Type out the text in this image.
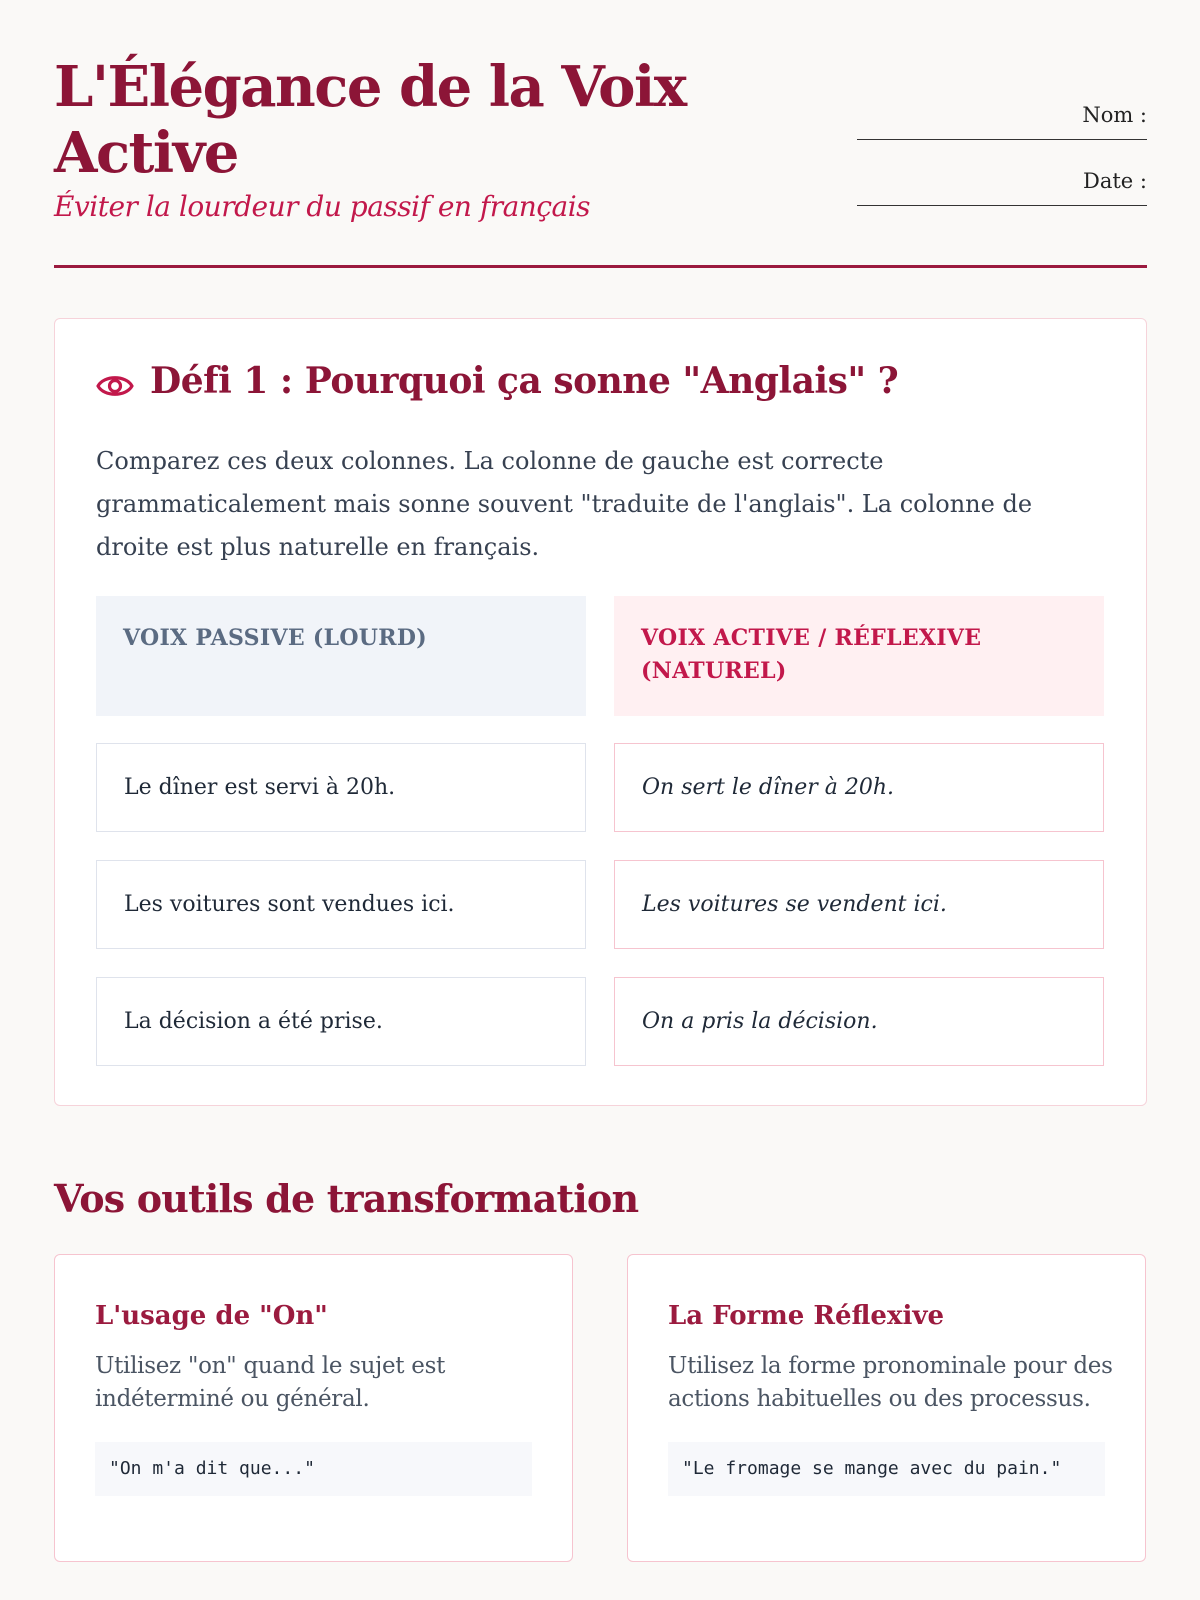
L'Élégance de la Voix Active
Éviter la lourdeur du passif en français
Nom :
Date :
Défi 1 : Pourquoi ça sonne "Anglais" ?

Comparez ces deux colonnes. La colonne de gauche est correcte grammaticalement mais sonne souvent "traduite de l'anglais". La colonne de droite est plus naturelle en français.

VOIX PASSIVE (LOURD)	VOIX ACTIVE / RÉFLEXIVE (NATUREL)
Le dîner est servi à 20h.	On sert le dîner à 20h.
Les voitures sont vendues ici.	Les voitures se vendent ici.
La décision a été prise.	On a pris la décision.
Vos outils de transformation
L'usage de "On"

Utilisez "on" quand le sujet est indéterminé ou général.

"On m'a dit que..."
La Forme Réflexive

Utilisez la forme pronominale pour des actions habituelles ou des processus.

"Le fromage se mange avec du pain."
